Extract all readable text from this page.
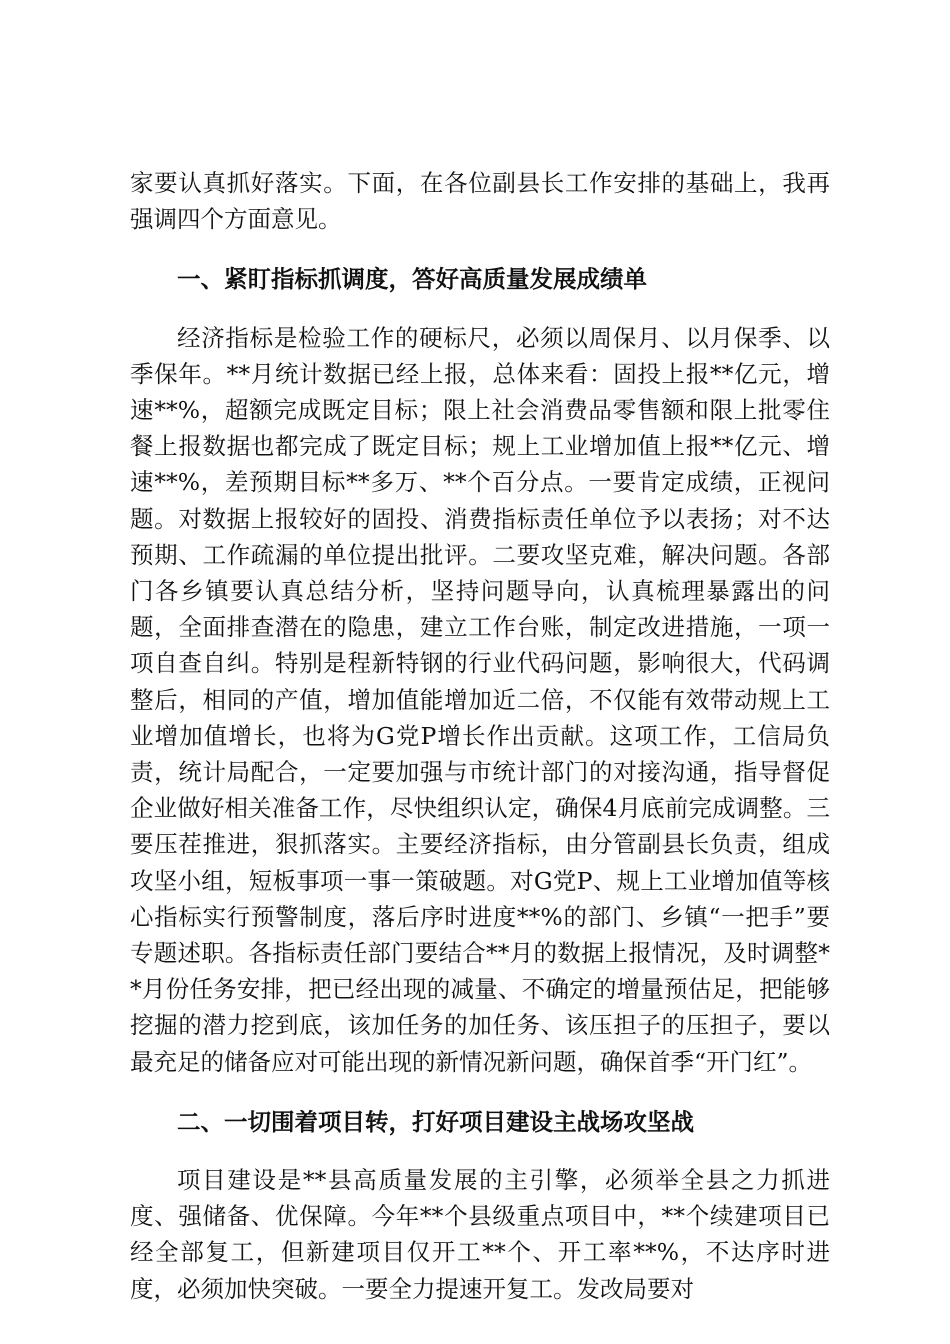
家要认真抓好落实。下面，在各位副县长工作安排的基础上，我再强调四个方面意见。

一、紧盯指标抓调度，答好高质量发展成绩单

经济指标是检验工作的硬标尺，必须以周保月、以月保季、以季保年。**月统计数据已经上报，总体来看：固投上报**亿元，增速**%，超额完成既定目标；限上社会消费品零售额和限上批零住餐上报数据也都完成了既定目标；规上工业增加值上报**亿元、增速**%，差预期目标**多万、**个百分点。一要肯定成绩，正视问题。对数据上报较好的固投、消费指标责任单位予以表扬；对不达预期、工作疏漏的单位提出批评。二要攻坚克难，解决问题。各部门各乡镇要认真总结分析，坚持问题导向，认真梳理暴露出的问题，全面排查潜在的隐患，建立工作台账，制定改进措施，一项一项自查自纠。特别是程新特钢的行业代码问题，影响很大，代码调整后，相同的产值，增加值能增加近二倍，不仅能有效带动规上工业增加值增长，也将为G党P增长作出贡献。这项工作，工信局负责，统计局配合，一定要加强与市统计部门的对接沟通，指导督促企业做好相关准备工作，尽快组织认定，确保4月底前完成调整。三要压茬推进，狠抓落实。主要经济指标，由分管副县长负责，组成攻坚小组，短板事项一事一策破题。对G党P、规上工业增加值等核心指标实行预警制度，落后序时进度**%的部门、乡镇“一把手”要专题述职。各指标责任部门要结合**月的数据上报情况，及时调整**月份任务安排，把已经出现的减量、不确定的增量预估足，把能够挖掘的潜力挖到底，该加任务的加任务、该压担子的压担子，要以最充足的储备应对可能出现的新情况新问题，确保首季“开门红”。

二、一切围着项目转，打好项目建设主战场攻坚战

项目建设是**县高质量发展的主引擎，必须举全县之力抓进度、强储备、优保障。今年**个县级重点项目中，**个续建项目已经全部复工，但新建项目仅开工**个、开工率**%，不达序时进度，必须加快突破。一要全力提速开复工。发改局要对
